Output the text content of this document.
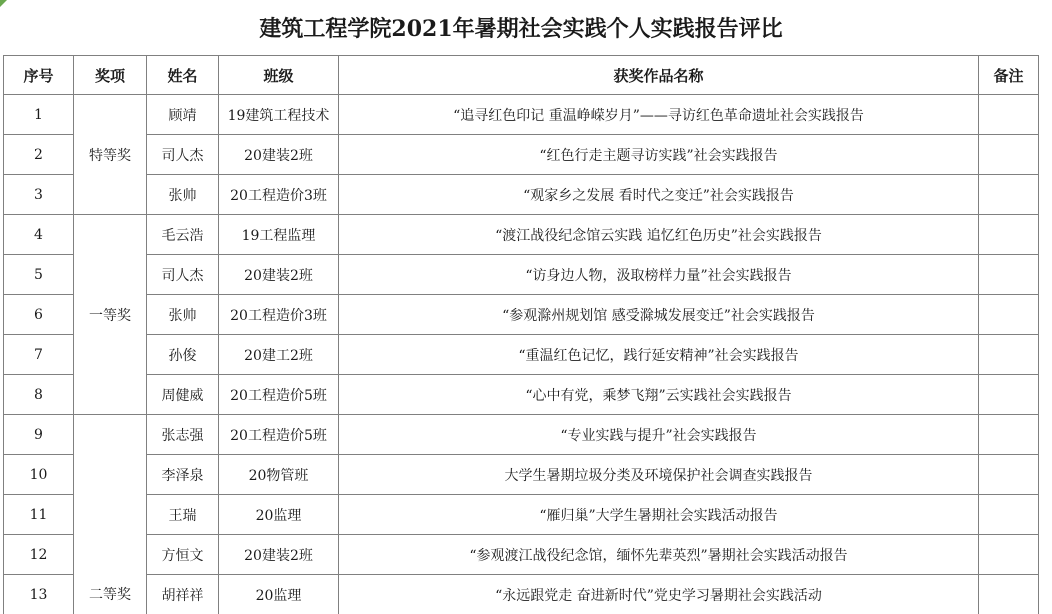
建筑工程学院2021年暑期社会实践个人实践报告评比					
序号	奖项	姓名	班级	获奖作品名称	备注
1	特等奖	顾靖	19建筑工程技术	“追寻红色印记 重温峥嵘岁月”——寻访红色革命遗址社会实践报告	
2		司人杰	20建装2班	“红色行走主题寻访实践”社会实践报告	
3		张帅	20工程造价3班	“观家乡之发展 看时代之变迁”社会实践报告	
4	一等奖	毛云浩	19工程监理	“渡江战役纪念馆云实践 追忆红色历史”社会实践报告	
5		司人杰	20建装2班	“访身边人物，汲取榜样力量”社会实践报告	
6		张帅	20工程造价3班	“参观滁州规划馆 感受滁城发展变迁”社会实践报告	
7		孙俊	20建工2班	“重温红色记忆，践行延安精神”社会实践报告	
8		周健威	20工程造价5班	“心中有党，乘梦飞翔”云实践社会实践报告	
9	二等奖	张志强	20工程造价5班	“专业实践与提升”社会实践报告	
10		李泽泉	20物管班	大学生暑期垃圾分类及环境保护社会调查实践报告	
11		王瑞	20监理	“雁归巢”大学生暑期社会实践活动报告	
12		方恒文	20建装2班	“参观渡江战役纪念馆，缅怀先辈英烈”暑期社会实践活动报告	
13		胡祥祥	20监理	“永远跟党走 奋进新时代”党史学习暑期社会实践活动	
